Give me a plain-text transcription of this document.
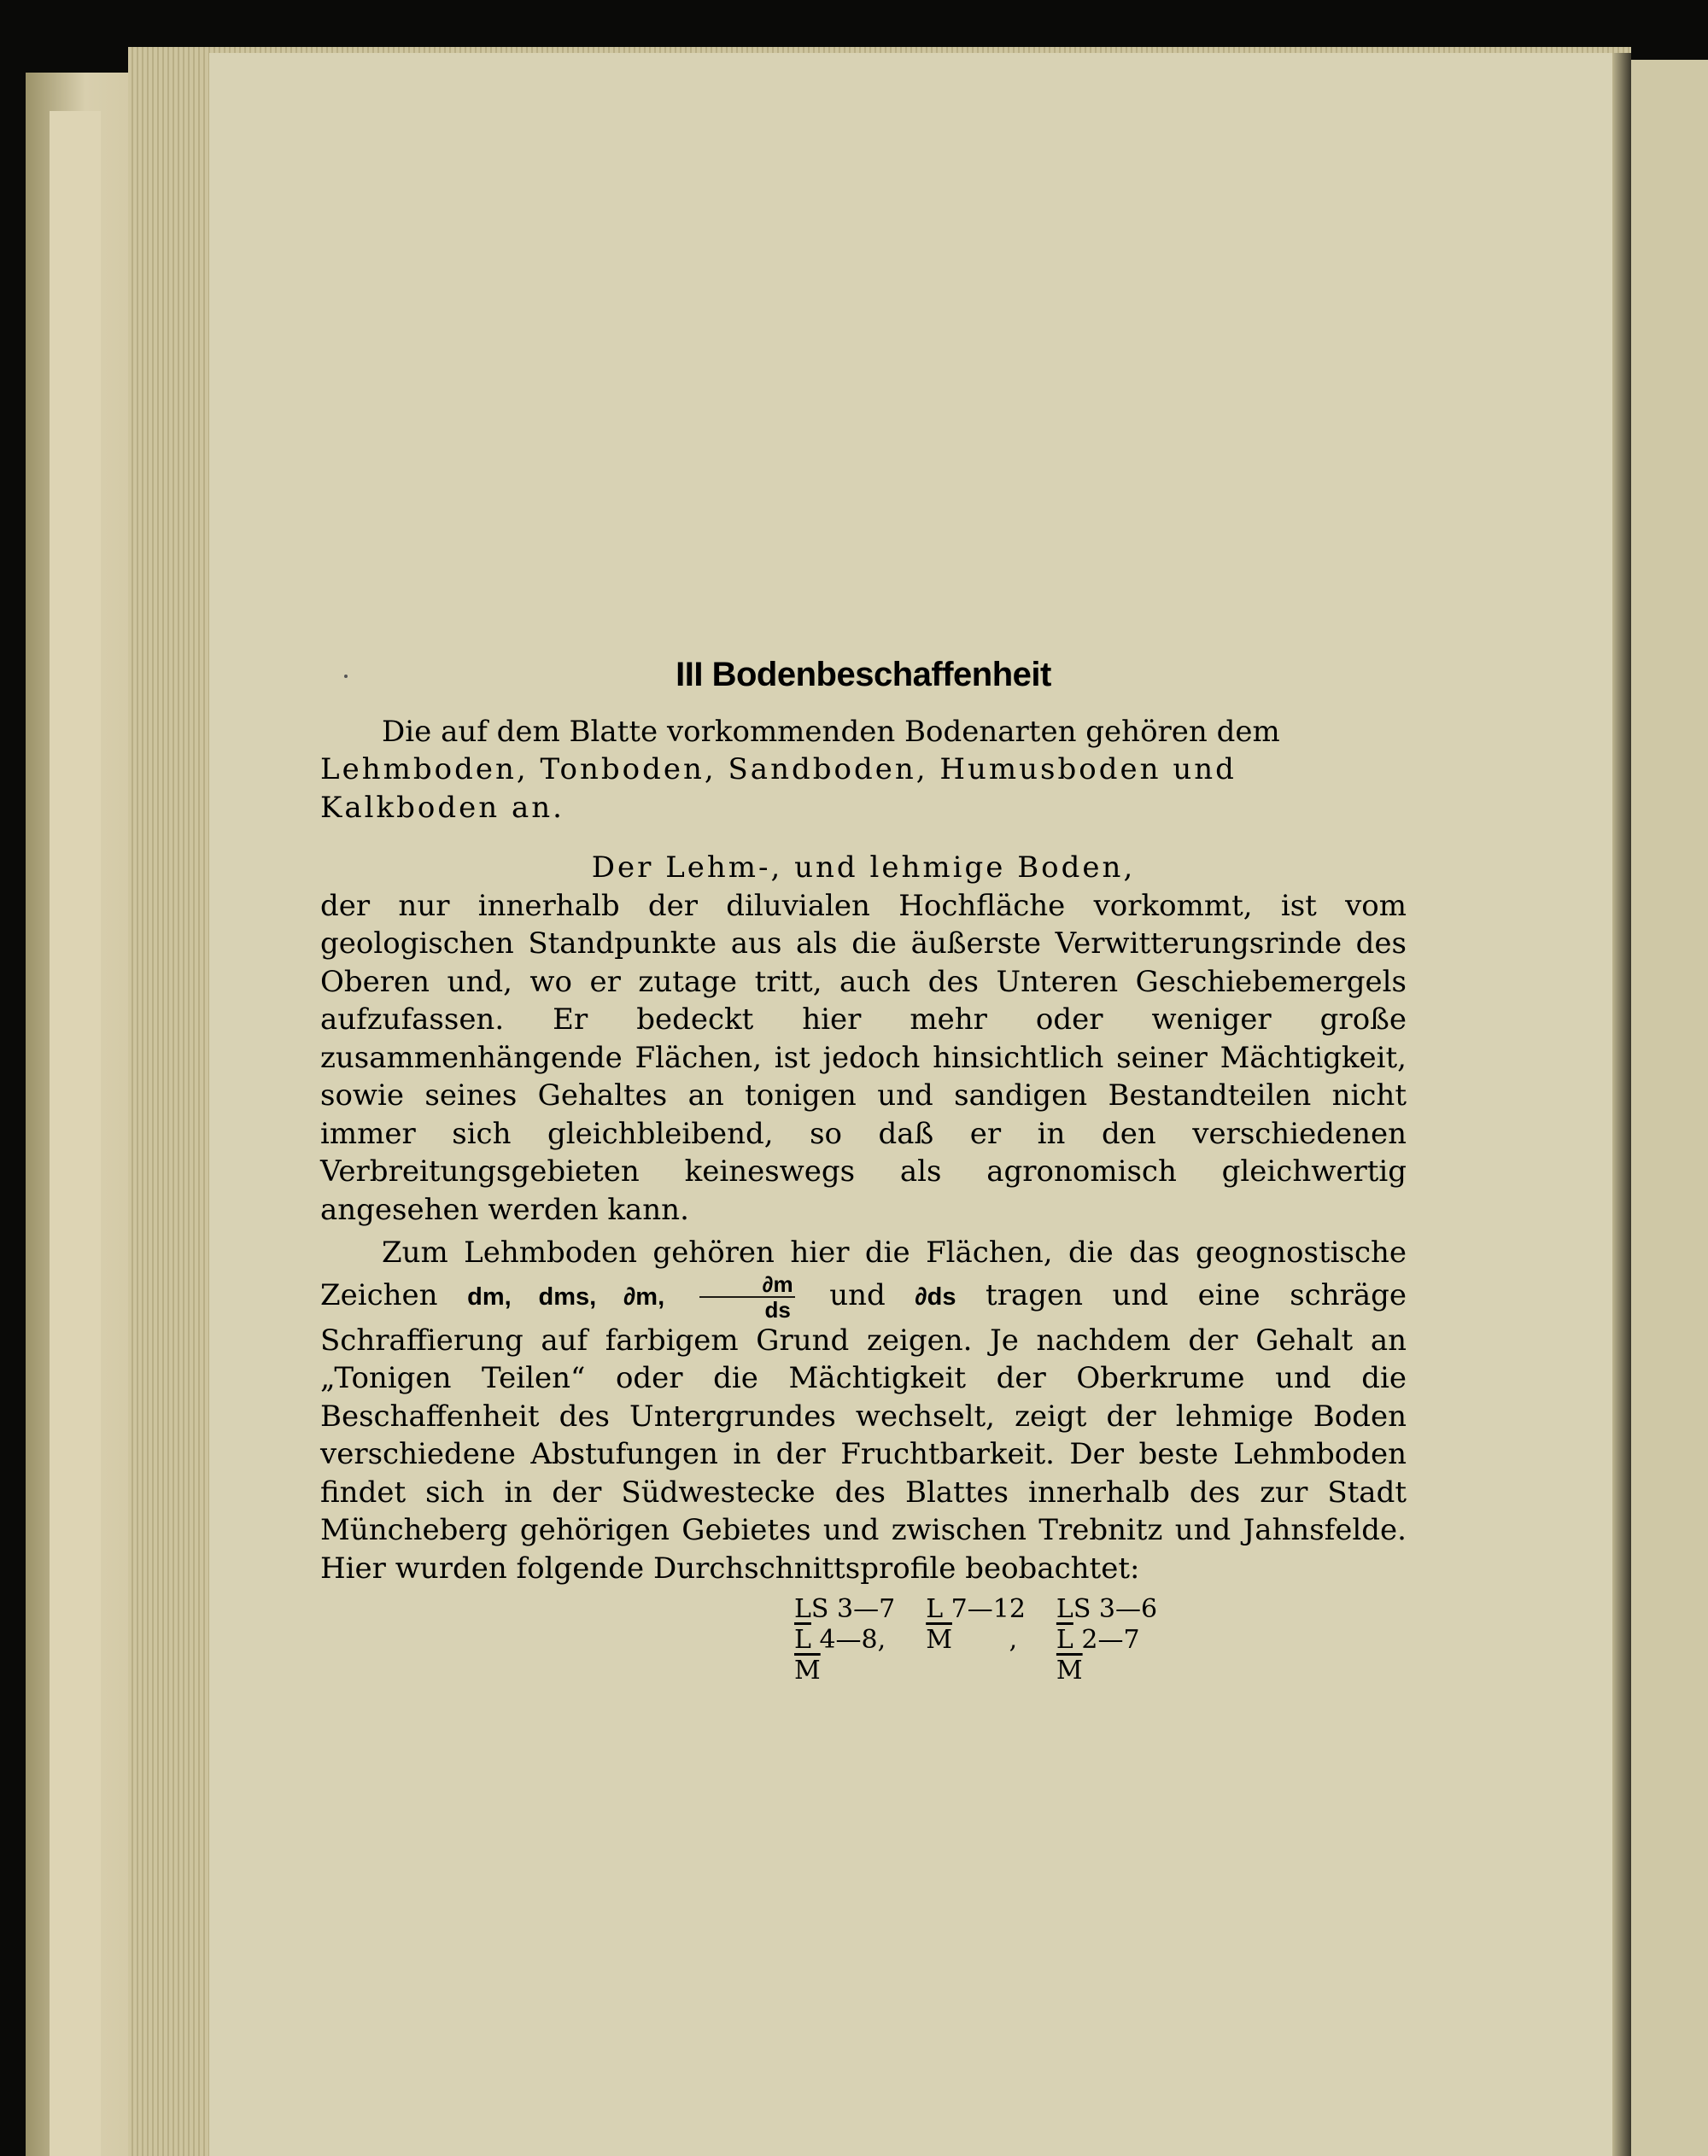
III Bodenbeschaffenheit

Die auf dem Blatte vorkommenden Bodenarten gehören dem

Lehmboden, Tonboden, Sandboden, Humusboden und

Kalkboden an.

Der Lehm-, und lehmige Boden,

der nur innerhalb der diluvialen Hochfläche vorkommt, ist vom geologischen Standpunkte aus als die äußerste Verwitterungsrinde des Oberen und, wo er zutage tritt, auch des Unteren Geschiebemergels aufzufassen. Er bedeckt hier mehr oder weniger große zusammenhängende Flächen, ist jedoch hinsichtlich seiner Mächtigkeit, sowie seines Gehaltes an tonigen und sandigen Bestandteilen nicht immer sich gleichbleibend, so daß er in den verschiedenen Verbreitungsgebieten keineswegs als agronomisch gleichwertig angesehen werden kann.

Zum Lehmboden gehören hier die Flächen, die das geognostische Zeichen dm, dms, ∂m, $\frac{\partial m}{ds}$ und ∂ds tragen und eine schräge Schraffierung auf farbigem Grund zeigen. Je nachdem der Gehalt an „Tonigen Teilen“ oder die Mächtigkeit der Oberkrume und die Beschaffenheit des Untergrundes wechselt, zeigt der lehmige Boden verschiedene Abstufungen in der Fruchtbarkeit. Der beste Lehmboden findet sich in der Südwestecke des Blattes innerhalb des zur Stadt Müncheberg gehörigen Gebietes und zwischen Trebnitz und Jahnsfelde. Hier wurden folgende Durchschnittsprofile beobachtet:

LS 3—7
$\overline{L}$ 4—8,
$\overline{M}$
L 7—12
$\overline{M}$       ,
LS 3—6
$\overline{L}$ 2—7
$\overline{M}$
